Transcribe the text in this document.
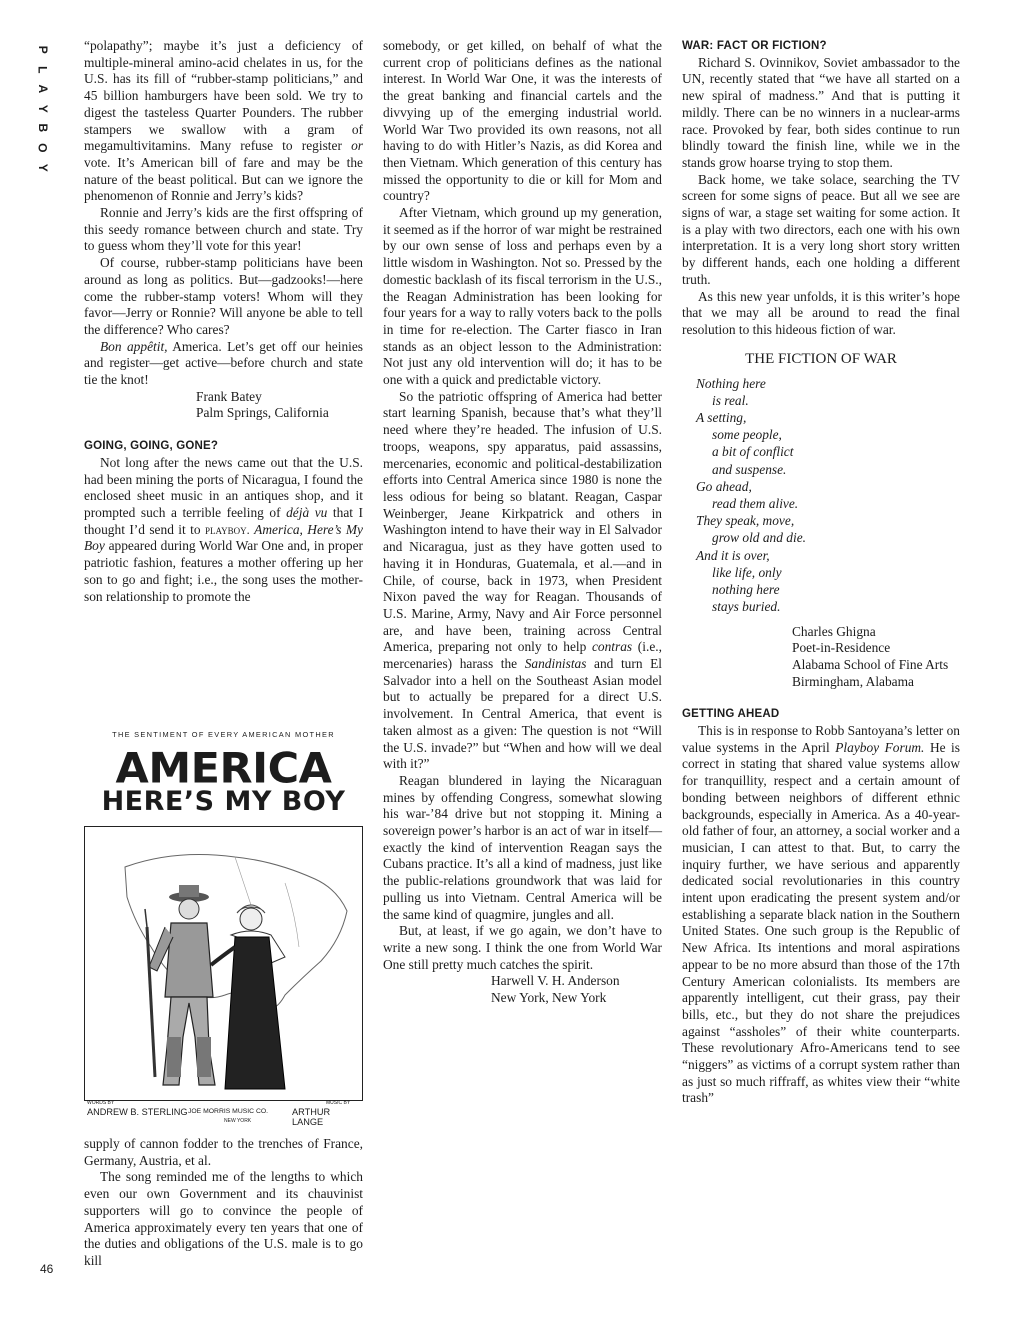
P
L
A
Y
B
O
Y
46

“polapathy”; maybe it’s just a deficiency of multiple-mineral amino-acid chelates in us, for the U.S. has its fill of “rubber-stamp politicians,” and 45 billion hamburgers have been sold. We try to digest the tasteless Quarter Pounders. The rubber stampers we swallow with a gram of megamultivitamins. Many refuse to register or vote. It’s American bill of fare and may be the nature of the beast political. But can we ignore the phenomenon of Ronnie and Jerry’s kids?

Ronnie and Jerry’s kids are the first offspring of this seedy romance between church and state. Try to guess whom they’ll vote for this year!

Of course, rubber-stamp politicians have been around as long as politics. But—gadzooks!—here come the rubber-stamp voters! Whom will they favor—Jerry or Ronnie? Will anyone be able to tell the difference? Who cares?

Bon appêtit, America. Let’s get off our heinies and register—get active—before church and state tie the knot!

Frank Batey
Palm Springs, California
GOING, GOING, GONE?

Not long after the news came out that the U.S. had been mining the ports of Nicaragua, I found the enclosed sheet music in an antiques shop, and it prompted such a terrible feeling of déjà vu that I thought I’d send it to playboy. America, Here’s My Boy appeared during World War One and, in proper patriotic fashion, features a mother offering up her son to go and fight; i.e., the song uses the mother-son relationship to promote the

THE SENTIMENT OF EVERY AMERICAN MOTHER
AMERICA
HERE’S MY BOY
WORDS BY
ANDREW B. STERLING JOE MORRIS MUSIC CO.
NEW YORK
MUSIC BY
ARTHUR LANGE

supply of cannon fodder to the trenches of France, Germany, Austria, et al.

The song reminded me of the lengths to which even our own Government and its chauvinist supporters will go to convince the people of America approximately every ten years that one of the duties and obligations of the U.S. male is to go kill

somebody, or get killed, on behalf of what the current crop of politicians defines as the national interest. In World War One, it was the interests of the great banking and financial cartels and the divvying up of the emerging industrial world. World War Two provided its own reasons, not all having to do with Hitler’s Nazis, as did Korea and then Vietnam. Which generation of this century has missed the opportunity to die or kill for Mom and country?

After Vietnam, which ground up my generation, it seemed as if the horror of war might be restrained by our own sense of loss and perhaps even by a little wisdom in Washington. Not so. Pressed by the domestic backlash of its fiscal terrorism in the U.S., the Reagan Administration has been looking for four years for a way to rally voters back to the polls in time for re-election. The Carter fiasco in Iran stands as an object lesson to the Administration: Not just any old intervention will do; it has to be one with a quick and predictable victory.

So the patriotic offspring of America had better start learning Spanish, because that’s what they’ll need where they’re headed. The infusion of U.S. troops, weapons, spy apparatus, paid assassins, mercenaries, economic and political-destabilization efforts into Central America since 1980 is none the less odious for being so blatant. Reagan, Caspar Weinberger, Jeane Kirkpatrick and others in Washington intend to have their way in El Salvador and Nicaragua, just as they have gotten used to having it in Honduras, Guatemala, et al.—and in Chile, of course, back in 1973, when President Nixon paved the way for Reagan. Thousands of U.S. Marine, Army, Navy and Air Force personnel are, and have been, training across Central America, preparing not only to help contras (i.e., mercenaries) harass the Sandinistas and turn El Salvador into a hell on the Southeast Asian model but to actually be prepared for a direct U.S. involvement. In Central America, that event is taken almost as a given: The question is not “Will the U.S. invade?” but “When and how will we deal with it?”

Reagan blundered in laying the Nicaraguan mines by offending Congress, somewhat slowing his war-’84 drive but not stopping it. Mining a sovereign power’s harbor is an act of war in itself—exactly the kind of intervention Reagan says the Cubans practice. It’s all a kind of madness, just like the public-relations groundwork that was laid for pulling us into Vietnam. Central America will be the same kind of quagmire, jungles and all.

But, at least, if we go again, we don’t have to write a new song. I think the one from World War One still pretty much catches the spirit.

Harwell V. H. Anderson
New York, New York
WAR: FACT OR FICTION?

Richard S. Ovinnikov, Soviet ambassador to the UN, recently stated that “we have all started on a new spiral of madness.” And that is putting it mildly. There can be no winners in a nuclear-arms race. Provoked by fear, both sides continue to run blindly toward the finish line, while we in the stands grow hoarse trying to stop them.

Back home, we take solace, searching the TV screen for some signs of peace. But all we see are signs of war, a stage set waiting for some action. It is a play with two directors, each one with his own interpretation. It is a very long short story written by different hands, each one holding a different truth.

As this new year unfolds, it is this writer’s hope that we may all be around to read the final resolution to this hideous fiction of war.

THE FICTION OF WAR
Nothing here
is real.
A setting,
some people,
a bit of conflict
and suspense.
Go ahead,
read them alive.
They speak, move,
grow old and die.
And it is over,
like life, only
nothing here
stays buried.
Charles Ghigna
Poet-in-Residence
Alabama School of Fine Arts
Birmingham, Alabama
GETTING AHEAD

This is in response to Robb Santoyana’s letter on value systems in the April Playboy Forum. He is correct in stating that shared value systems allow for tranquillity, respect and a certain amount of bonding between neighbors of different ethnic backgrounds, especially in America. As a 40-year-old father of four, an attorney, a social worker and a musician, I can attest to that. But, to carry the inquiry further, we have serious and apparently dedicated social revolutionaries in this country intent upon eradicating the present system and/or establishing a separate black nation in the Southern United States. One such group is the Republic of New Africa. Its intentions and moral aspirations appear to be no more absurd than those of the 17th Century American colonialists. Its members are apparently intelligent, cut their grass, pay their bills, etc., but they do not share the prejudices against “assholes” of their white counterparts. These revolutionary Afro-Americans tend to see “niggers” as victims of a corrupt system rather than as just so much riffraff, as whites view their “white trash”
